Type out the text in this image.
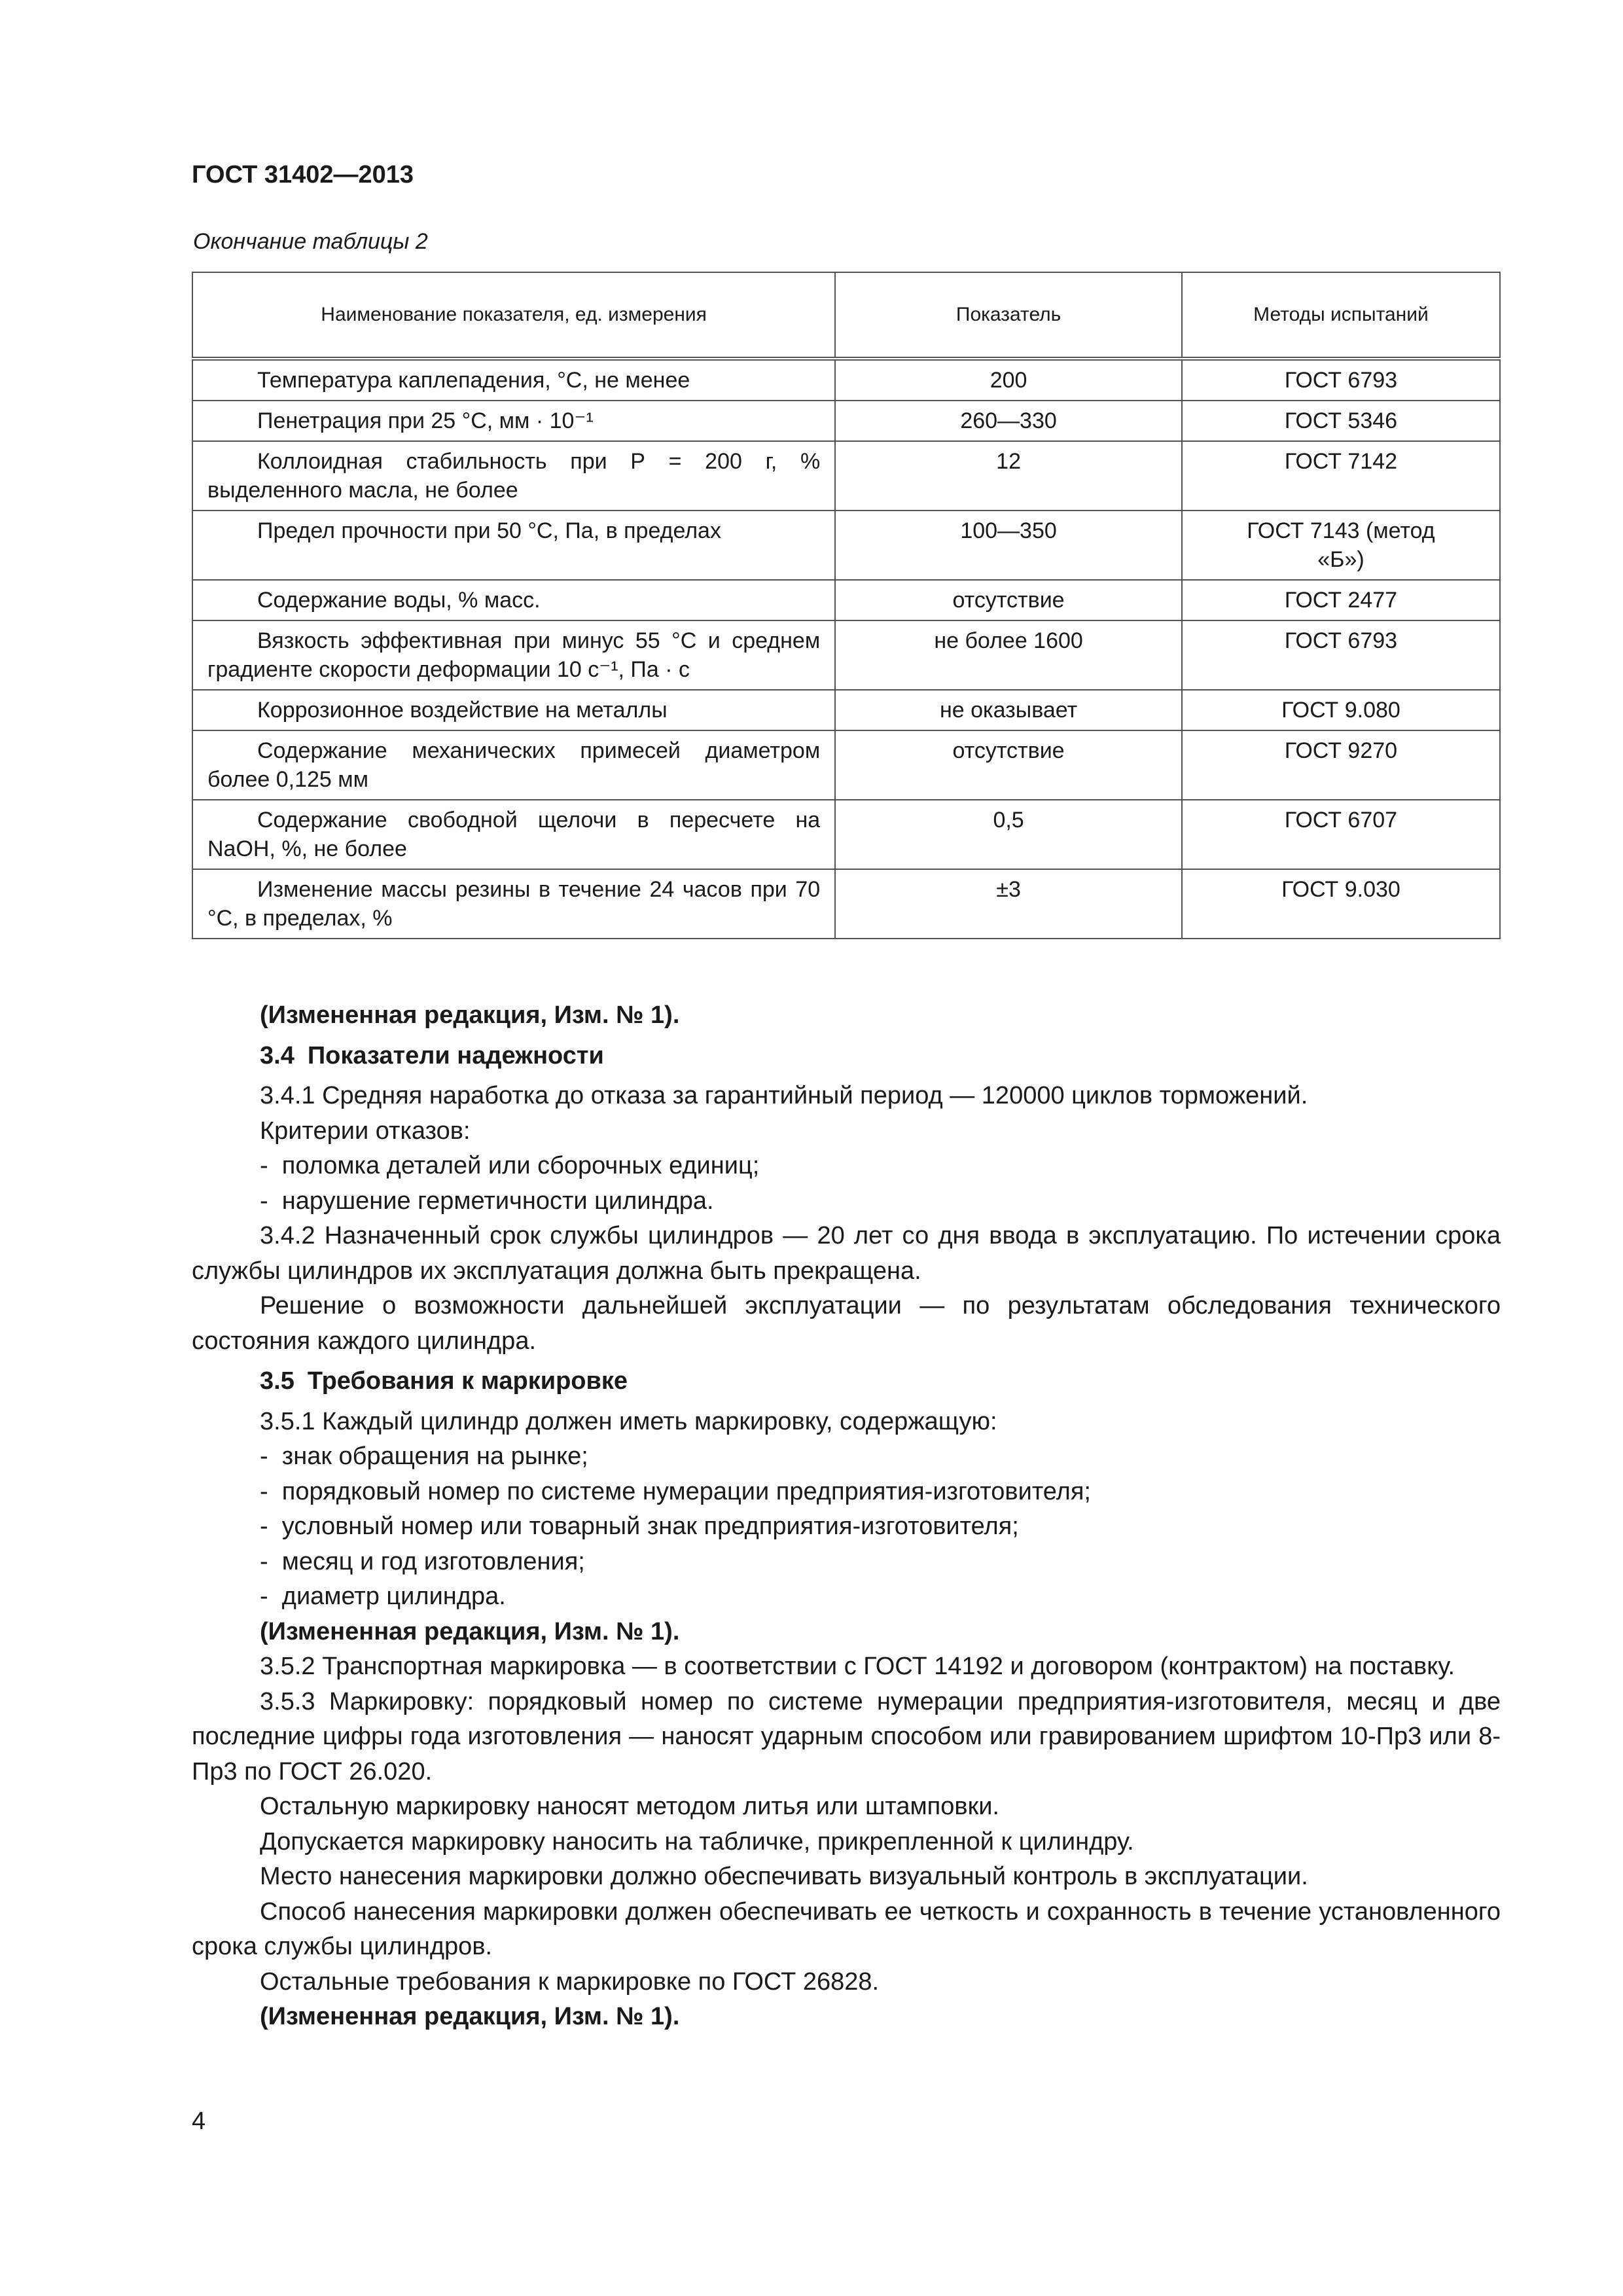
ГОСТ 31402—2013

Окончание таблицы 2

Наименование показателя, ед. измерения	Показатель	Методы испытаний
Температура каплепадения, °С, не менее	200	ГОСТ 6793
Пенетрация при 25 °С, мм · 10⁻¹	260—330	ГОСТ 5346
Коллоидная стабильность при Р = 200 г, % выделенного масла, не более	12	ГОСТ 7142
Предел прочности при 50 °С, Па, в пределах	100—350	ГОСТ 7143 (метод «Б»)
Содержание воды, % масс.	отсутствие	ГОСТ 2477
Вязкость эффективная при минус 55 °С и среднем градиенте скорости деформации 10 с⁻¹, Па · с	не более 1600	ГОСТ 6793
Коррозионное воздействие на металлы	не оказывает	ГОСТ 9.080
Содержание механических примесей диаметром более 0,125 мм	отсутствие	ГОСТ 9270
Содержание свободной щелочи в пересчете на NaOH, %, не более	0,5	ГОСТ 6707
Изменение массы резины в течение 24 часов при 70 °С, в пределах, %	±3	ГОСТ 9.030

(Измененная редакция, Изм. № 1).

3.4 Показатели надежности

3.4.1 Средняя наработка до отказа за гарантийный период — 120000 циклов торможений.

Критерии отказов:

- поломка деталей или сборочных единиц;

- нарушение герметичности цилиндра.

3.4.2 Назначенный срок службы цилиндров — 20 лет со дня ввода в эксплуатацию. По истечении срока службы цилиндров их эксплуатация должна быть прекращена.

Решение о возможности дальнейшей эксплуатации — по результатам обследования технического состояния каждого цилиндра.

3.5 Требования к маркировке

3.5.1 Каждый цилиндр должен иметь маркировку, содержащую:

- знак обращения на рынке;

- порядковый номер по системе нумерации предприятия-изготовителя;

- условный номер или товарный знак предприятия-изготовителя;

- месяц и год изготовления;

- диаметр цилиндра.

(Измененная редакция, Изм. № 1).

3.5.2 Транспортная маркировка — в соответствии с ГОСТ 14192 и договором (контрактом) на поставку.

3.5.3 Маркировку: порядковый номер по системе нумерации предприятия-изготовителя, месяц и две последние цифры года изготовления — наносят ударным способом или гравированием шрифтом 10-Пр3 или 8-Пр3 по ГОСТ 26.020.

Остальную маркировку наносят методом литья или штамповки.

Допускается маркировку наносить на табличке, прикрепленной к цилиндру.

Место нанесения маркировки должно обеспечивать визуальный контроль в эксплуатации.

Способ нанесения маркировки должен обеспечивать ее четкость и сохранность в течение установленного срока службы цилиндров.

Остальные требования к маркировке по ГОСТ 26828.

(Измененная редакция, Изм. № 1).

4
